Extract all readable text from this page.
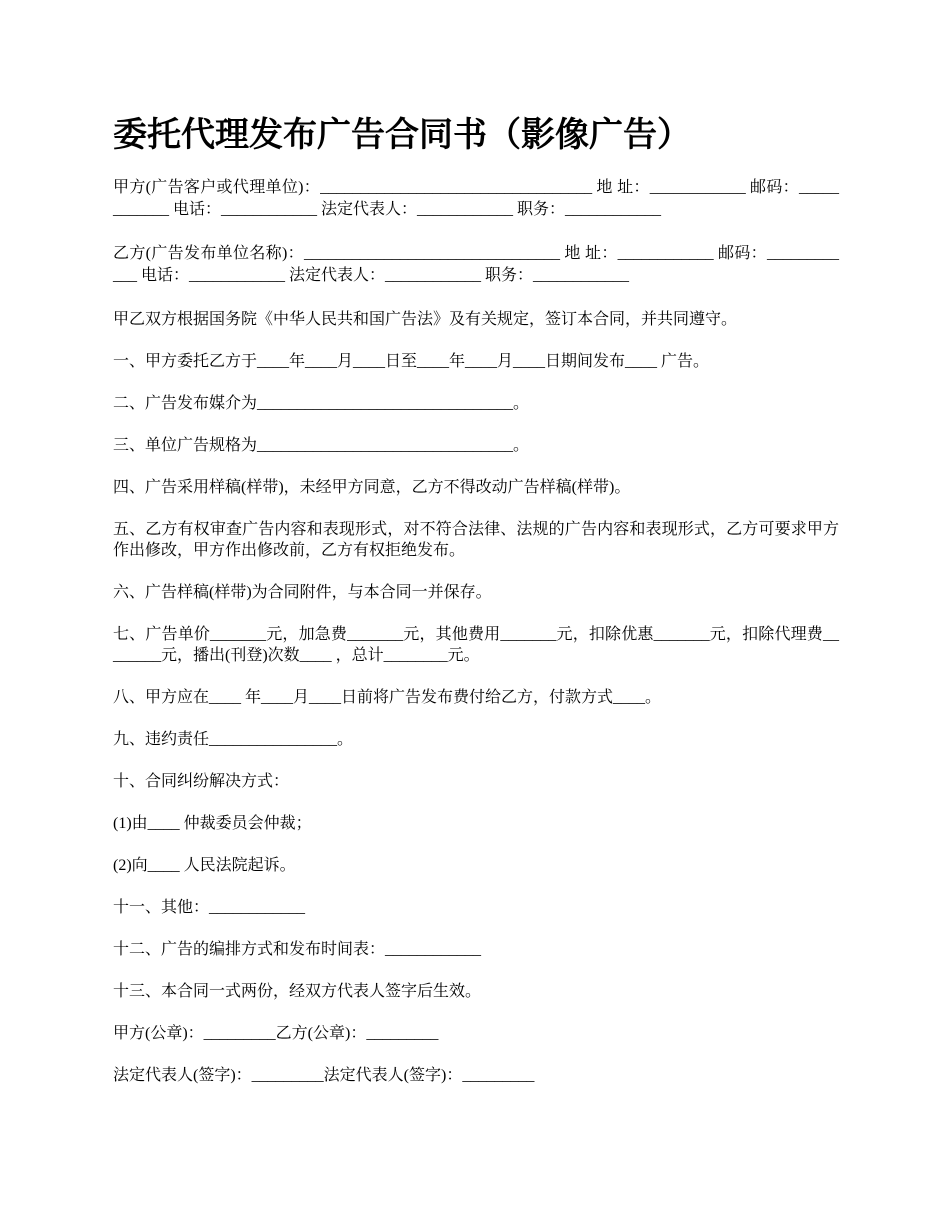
委托代理发布广告合同书（影像广告）

甲方(广告客户或代理单位)：__________________________________ 地 址：____________ 邮码：____________ 电话：____________ 法定代表人：____________ 职务：____________

乙方(广告发布单位名称)：________________________________ 地 址：____________ 邮码：____________ 电话：____________ 法定代表人：____________ 职务：____________

甲乙双方根据国务院《中华人民共和国广告法》及有关规定，签订本合同，并共同遵守。

一、甲方委托乙方于____年____月____日至____年____月____日期间发布____ 广告。

二、广告发布媒介为________________________________。

三、单位广告规格为________________________________。

四、广告采用样稿(样带)，未经甲方同意，乙方不得改动广告样稿(样带)。

五、乙方有权审查广告内容和表现形式，对不符合法律、法规的广告内容和表现形式，乙方可要求甲方作出修改，甲方作出修改前，乙方有权拒绝发布。

六、广告样稿(样带)为合同附件，与本合同一并保存。

七、广告单价_______元，加急费_______元，其他费用_______元，扣除优惠_______元，扣除代理费________元，播出(刊登)次数____ ，总计________元。

八、甲方应在____ 年____月____日前将广告发布费付给乙方，付款方式____。

九、违约责任________________。

十、合同纠纷解决方式：

(1)由____ 仲裁委员会仲裁；

(2)向____ 人民法院起诉。

十一、其他：____________

十二、广告的编排方式和发布时间表：____________

十三、本合同一式两份，经双方代表人签字后生效。

甲方(公章)：_________乙方(公章)：_________

法定代表人(签字)：_________法定代表人(签字)：_________
